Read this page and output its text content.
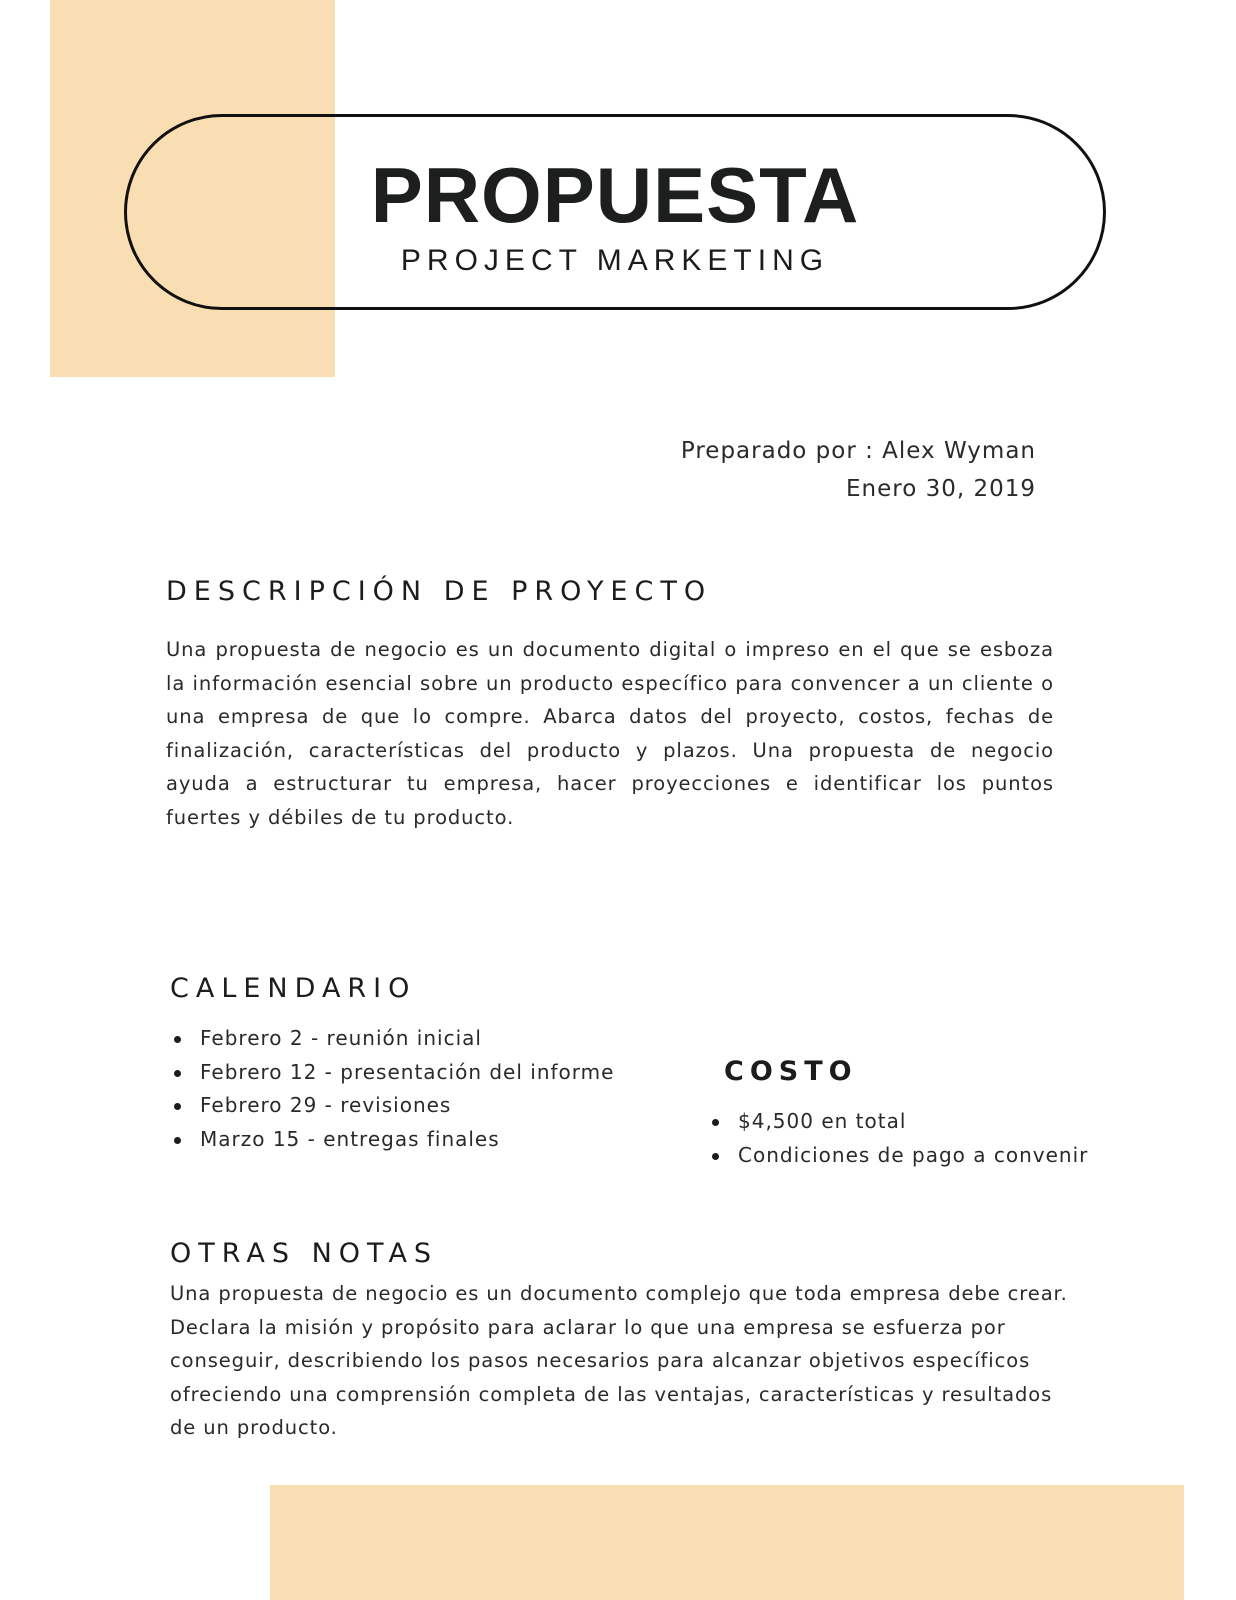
PROPUESTA
PROJECT MARKETING
Preparado por : Alex Wyman
Enero 30, 2019
DESCRIPCIÓN DE PROYECTO
Una propuesta de negocio es un documento digital o impreso en el que se esboza la información esencial sobre un producto específico para convencer a un cliente o una empresa de que lo compre. Abarca datos del proyecto, costos, fechas de finalización, características del producto y plazos. Una propuesta de negocio ayuda a estructurar tu empresa, hacer proyecciones e identificar los puntos fuertes y débiles de tu producto.
CALENDARIO
Febrero 2 - reunión inicial
Febrero 12 - presentación del informe
Febrero 29 - revisiones
Marzo 15 - entregas finales
COSTO
$4,500 en total
Condiciones de pago a convenir
OTRAS NOTAS
Una propuesta de negocio es un documento complejo que toda empresa debe crear. Declara la misión y propósito para aclarar lo que una empresa se esfuerza por conseguir, describiendo los pasos necesarios para alcanzar objetivos específicos ofreciendo una comprensión completa de las ventajas, características y resultados de un producto.
